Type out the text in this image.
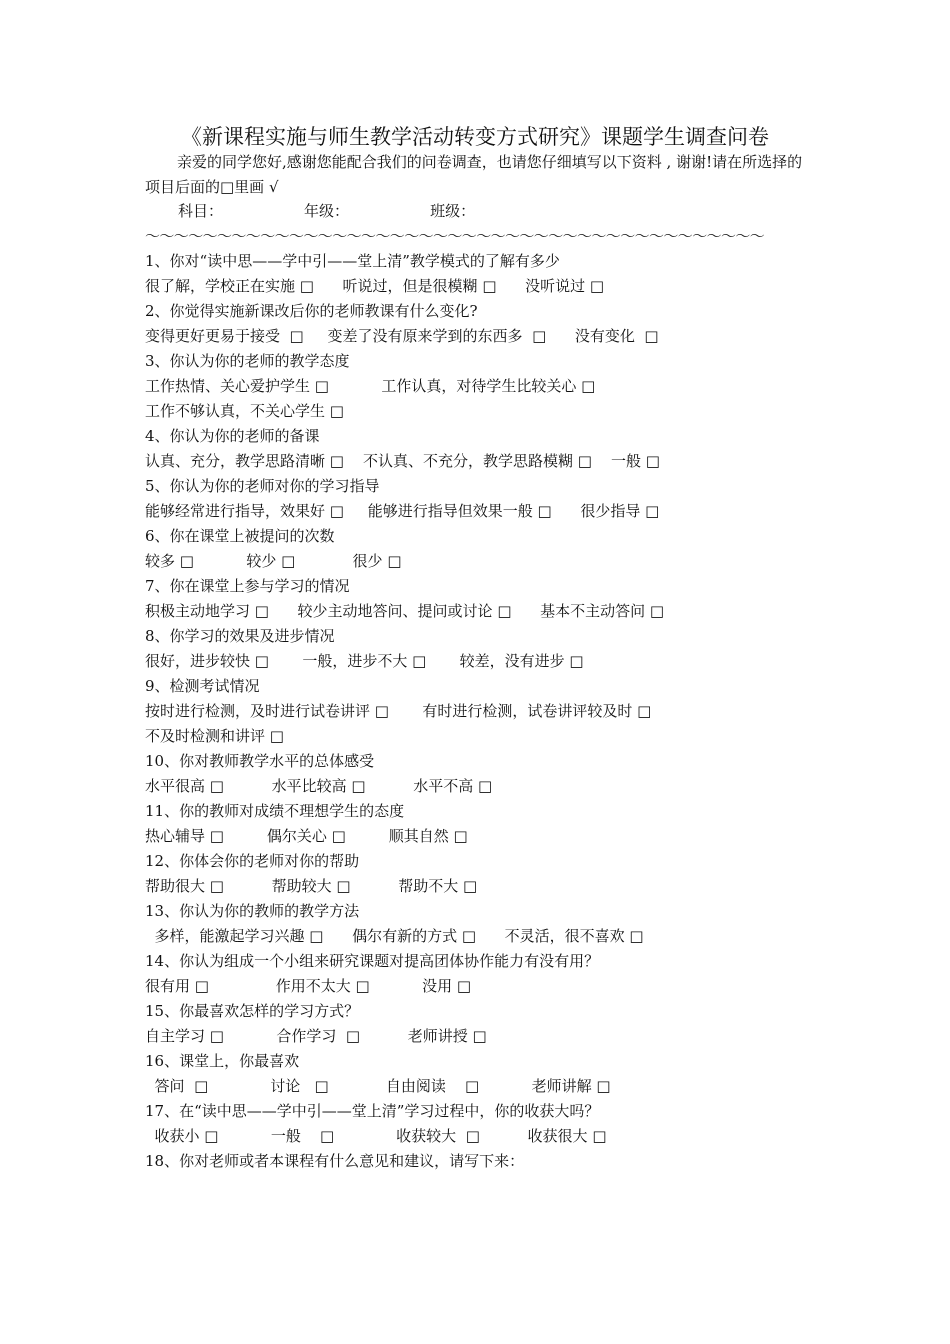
《新课程实施与师生教学活动转变方式研究》课题学生调查问卷
亲爱的同学您好,感谢您能配合我们的问卷调查，也请您仔细填写以下资料 , 谢谢!请在所选择的项目后面的□里画 √
科目：                 年级：                 班级：
～～～～～～～～～～～～～～～～～～～～～～～～～～～～～～～～～～～～～～～～～～～
1、你对“读中思——学中引——堂上清”教学模式的了解有多少
很了解，学校正在实施 □      听说过，但是很模糊 □      没听说过 □
2、你觉得实施新课改后你的老师教课有什么变化?
变得更好更易于接受  □     变差了没有原来学到的东西多  □      没有变化  □
3、你认为你的老师的教学态度
工作热情、关心爱护学生 □           工作认真，对待学生比较关心 □
工作不够认真，不关心学生 □
4、你认为你的老师的备课
认真、充分，教学思路清晰 □    不认真、不充分，教学思路模糊 □    一般 □
5、你认为你的老师对你的学习指导
能够经常进行指导，效果好 □     能够进行指导但效果一般 □      很少指导 □
6、你在课堂上被提问的次数
较多 □           较少 □            很少 □
7、你在课堂上参与学习的情况
积极主动地学习 □      较少主动地答问、提问或讨论 □      基本不主动答问 □
8、你学习的效果及进步情况
很好，进步较快 □       一般，进步不大 □       较差，没有进步 □
9、检测考试情况
按时进行检测，及时进行试卷讲评 □       有时进行检测，试卷讲评较及时 □
不及时检测和讲评 □
10、你对教师教学水平的总体感受
水平很高 □          水平比较高 □          水平不高 □
11、你的教师对成绩不理想学生的态度
热心辅导 □         偶尔关心 □         顺其自然 □
12、你体会你的老师对你的帮助
帮助很大 □          帮助较大 □          帮助不大 □
13、你认为你的教师的教学方法
多样，能激起学习兴趣 □      偶尔有新的方式 □      不灵活，很不喜欢 □
14、你认为组成一个小组来研究课题对提高团体协作能力有没有用？
很有用 □              作用不太大 □           没用 □
15、你最喜欢怎样的学习方式？
自主学习 □           合作学习  □          老师讲授 □
16、课堂上，你最喜欢
答问  □             讨论   □            自由阅读    □           老师讲解 □
17、在“读中思——学中引——堂上清”学习过程中，你的收获大吗？
收获小 □           一般    □             收获较大  □          收获很大 □
18、你对老师或者本课程有什么意见和建议，请写下来：
